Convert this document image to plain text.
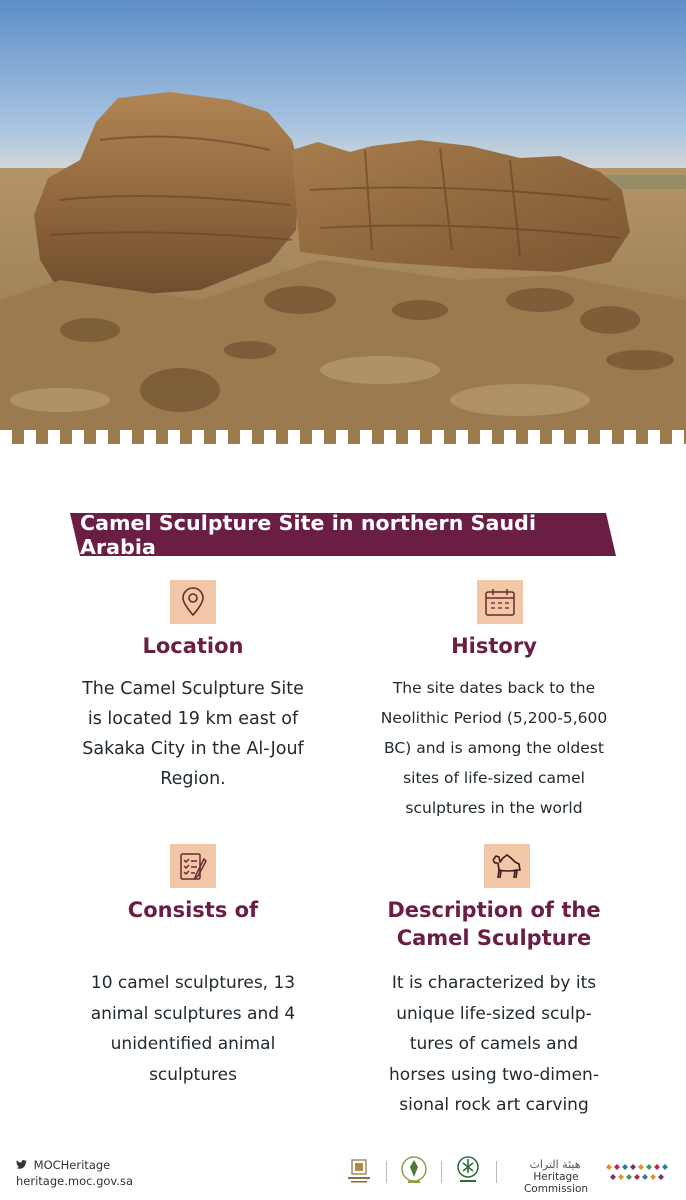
Camel Sculpture Site in northern Saudi Arabia
Location
The Camel Sculpture Site
is located 19 km east of
Sakaka City in the Al-Jouf
Region.
History
The site dates back to the
Neolithic Period (5,200-5,600
BC) and is among the oldest
sites of life-sized camel
sculptures in the world
Consists of
10 camel sculptures, 13
animal sculptures and 4
unidentified animal
sculptures
Description of the
Camel Sculpture
It is characterized by its
unique life-sized sculp-
tures of camels and
horses using two-dimen-
sional rock art carving
MOCHeritage
heritage.moc.gov.sa
هيئة التراث
Heritage Commission
